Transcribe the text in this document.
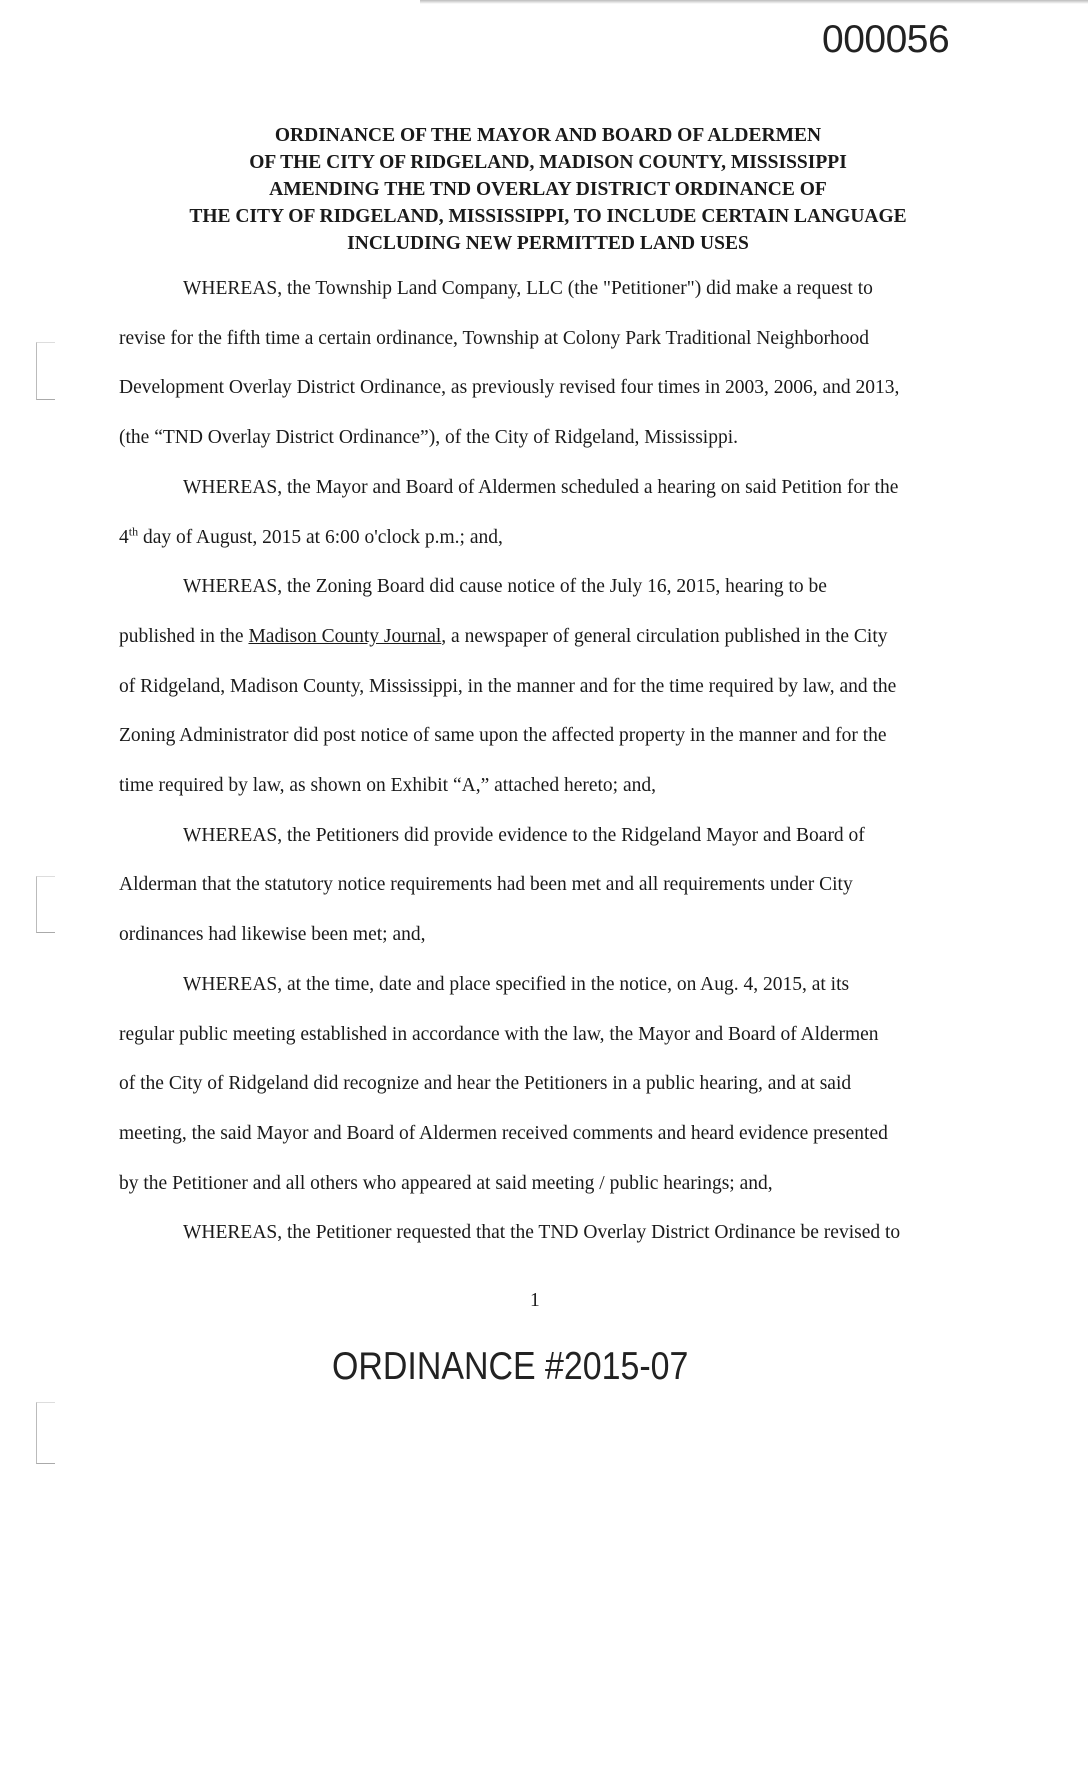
000056
ORDINANCE OF THE MAYOR AND BOARD OF ALDERMEN
OF THE CITY OF RIDGELAND, MADISON COUNTY, MISSISSIPPI
AMENDING THE TND OVERLAY DISTRICT ORDINANCE OF
THE CITY OF RIDGELAND, MISSISSIPPI, TO INCLUDE CERTAIN LANGUAGE
INCLUDING NEW PERMITTED LAND USES
WHEREAS, the Township Land Company, LLC (the "Petitioner") did make a request to
revise for the fifth time a certain ordinance, Township at Colony Park Traditional Neighborhood
Development Overlay District Ordinance, as previously revised four times in 2003, 2006, and 2013,
(the “TND Overlay District Ordinance”), of the City of Ridgeland, Mississippi.
WHEREAS, the Mayor and Board of Aldermen scheduled a hearing on said Petition for the
4th day of August, 2015 at 6:00 o'clock p.m.; and,
WHEREAS, the Zoning Board did cause notice of the July 16, 2015, hearing to be
published in the Madison County Journal, a newspaper of general circulation published in the City
of Ridgeland, Madison County, Mississippi, in the manner and for the time required by law, and the
Zoning Administrator did post notice of same upon the affected property in the manner and for the
time required by law, as shown on Exhibit “A,” attached hereto; and,
WHEREAS, the Petitioners did provide evidence to the Ridgeland Mayor and Board of
Alderman that the statutory notice requirements had been met and all requirements under City
ordinances had likewise been met; and,
WHEREAS, at the time, date and place specified in the notice, on Aug. 4, 2015, at its
regular public meeting established in accordance with the law, the Mayor and Board of Aldermen
of the City of Ridgeland did recognize and hear the Petitioners in a public hearing, and at said
meeting, the said Mayor and Board of Aldermen received comments and heard evidence presented
by the Petitioner and all others who appeared at said meeting / public hearings; and,
WHEREAS, the Petitioner requested that the TND Overlay District Ordinance be revised to
1
ORDINANCE #2015-07
